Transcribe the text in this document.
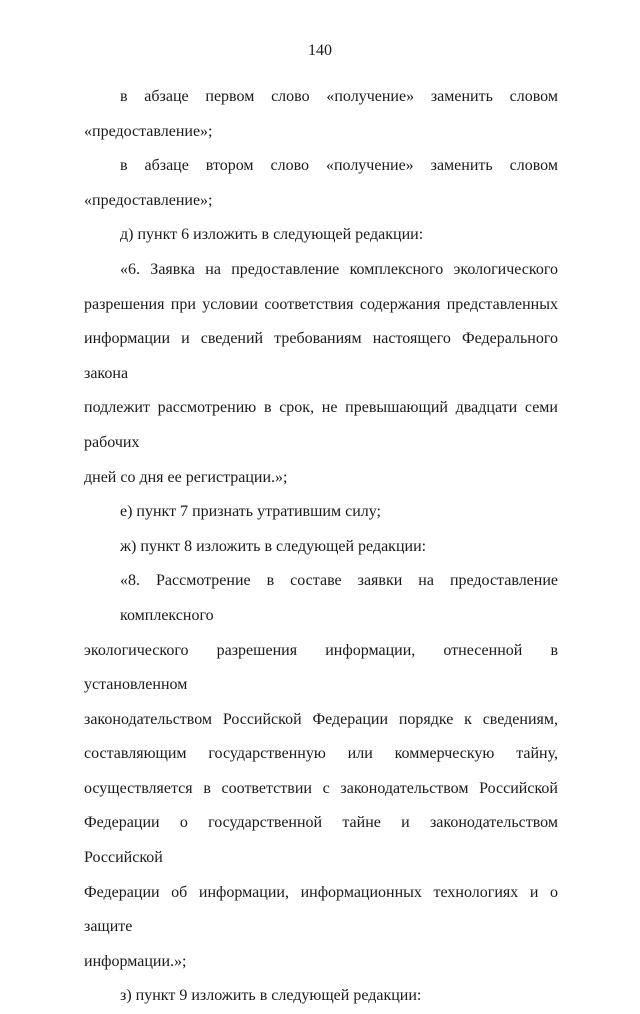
140
в абзаце первом слово «получение» заменить словом
«предоставление»;
в абзаце втором слово «получение» заменить словом
«предоставление»;
д) пункт 6 изложить в следующей редакции:
«6. Заявка на предоставление комплексного экологического
разрешения при условии соответствия содержания представленных
информации и сведений требованиям настоящего Федерального закона
подлежит рассмотрению в срок, не превышающий двадцати семи рабочих
дней со дня ее регистрации.»;
е) пункт 7 признать утратившим силу;
ж) пункт 8 изложить в следующей редакции:
«8. Рассмотрение в составе заявки на предоставление комплексного
экологического разрешения информации, отнесенной в установленном
законодательством Российской Федерации порядке к сведениям,
составляющим государственную или коммерческую тайну,
осуществляется в соответствии с законодательством Российской
Федерации о государственной тайне и законодательством Российской
Федерации об информации, информационных технологиях и о защите
информации.»;
з) пункт 9 изложить в следующей редакции:
